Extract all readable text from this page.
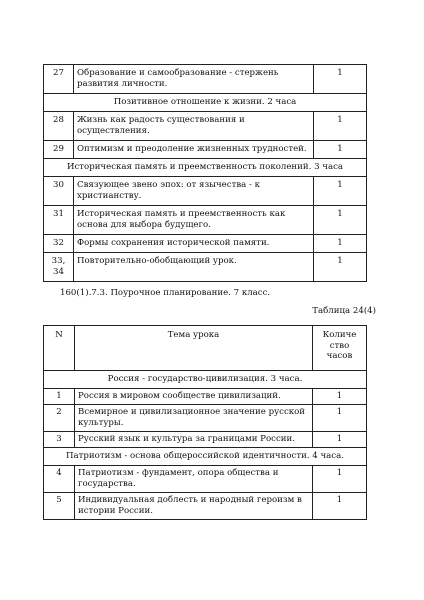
27	Образование и самообразование - стержень развития личности.	1
Позитивное отношение к жизни. 2 часа		
28	Жизнь как радость существования и осуществления.	1
29	Оптимизм и преодоление жизненных трудностей.	1
Историческая память и преемственность поколений. 3 часа		
30	Связующее звено эпох: от язычества - к христианству.	1
31	Историческая память и преемственность как основа для выбора будущего.	1
32	Формы сохранения исторической памяти.	1
33, 34	Повторительно-обобщающий урок.	1
160(1).7.3. Поурочное планирование. 7 класс.
Таблица 24(4)
N	Тема урока	Количе ство часов
Россия - государство-цивилизация. 3 часа.		
1	Россия в мировом сообществе цивилизаций.	1
2	Всемирное и цивилизационное значение русской культуры.	1
3	Русский язык и культура за границами России.	1
Патриотизм - основа общероссийской идентичности. 4 часа.		
4	Патриотизм - фундамент, опора общества и государства.	1
5	Индивидуальная доблесть и народный героизм в истории России.	1
